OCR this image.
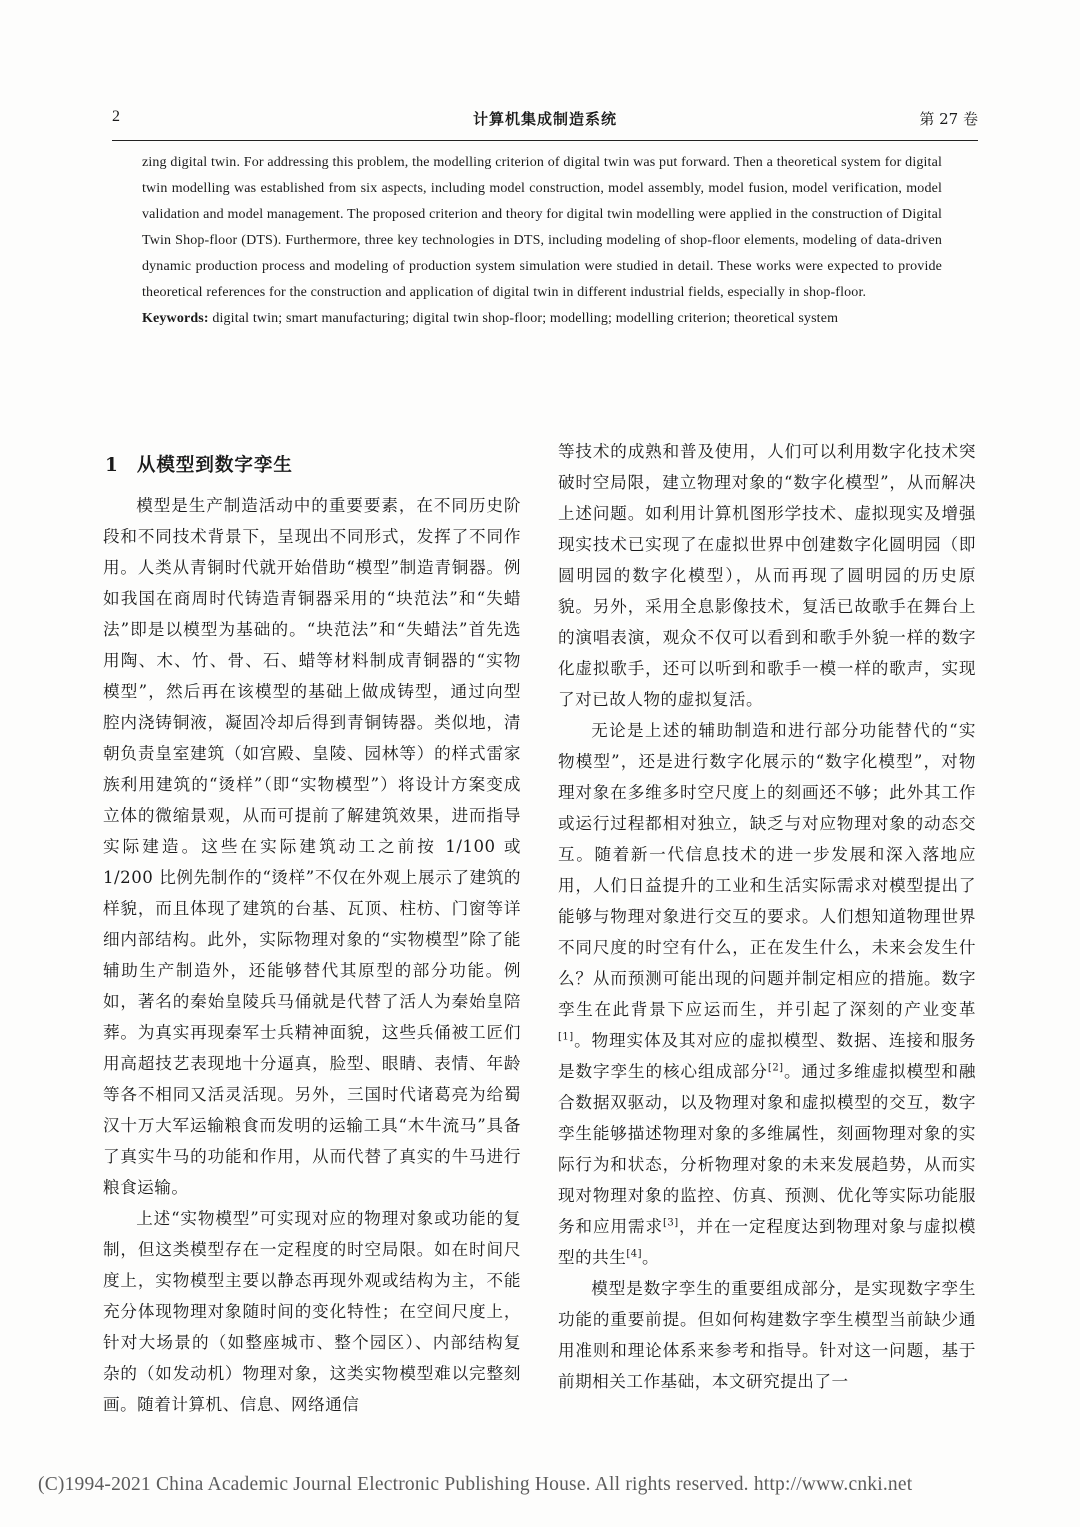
2	计算机集成制造系统	第 27 卷

zing digital twin. For addressing this problem, the modelling criterion of digital twin was put forward. Then a theoretical system for digital twin modelling was established from six aspects, including model construction, model assembly, model fusion, model verification, model validation and model management. The proposed criterion and theory for digital twin modelling were applied in the construction of Digital Twin Shop-floor (DTS). Furthermore, three key technologies in DTS, including modeling of shop-floor elements, modeling of data-driven dynamic production process and modeling of production system simulation were studied in detail. These works were expected to provide theoretical references for the construction and application of digital twin in different industrial fields, especially in shop-floor.

Keywords: digital twin; smart manufacturing; digital twin shop-floor; modelling; modelling criterion; theoretical system

1 从模型到数字孪生

模型是生产制造活动中的重要要素，在不同历史阶段和不同技术背景下，呈现出不同形式，发挥了不同作用。人类从青铜时代就开始借助“模型”制造青铜器。例如我国在商周时代铸造青铜器采用的“块范法”和“失蜡法”即是以模型为基础的。“块范法”和“失蜡法”首先选用陶、木、竹、骨、石、蜡等材料制成青铜器的“实物模型”，然后再在该模型的基础上做成铸型，通过向型腔内浇铸铜液，凝固冷却后得到青铜铸器。类似地，清朝负责皇室建筑（如宫殿、皇陵、园林等）的样式雷家族利用建筑的“烫样”（即“实物模型”）将设计方案变成立体的微缩景观，从而可提前了解建筑效果，进而指导实际建造。这些在实际建筑动工之前按 1/100 或 1/200 比例先制作的“烫样”不仅在外观上展示了建筑的样貌，而且体现了建筑的台基、瓦顶、柱枋、门窗等详细内部结构。此外，实际物理对象的“实物模型”除了能辅助生产制造外，还能够替代其原型的部分功能。例如，著名的秦始皇陵兵马俑就是代替了活人为秦始皇陪葬。为真实再现秦军士兵精神面貌，这些兵俑被工匠们用高超技艺表现地十分逼真，脸型、眼睛、表情、年龄等各不相同又活灵活现。另外，三国时代诸葛亮为给蜀汉十万大军运输粮食而发明的运输工具“木牛流马”具备了真实牛马的功能和作用，从而代替了真实的牛马进行粮食运输。

上述“实物模型”可实现对应的物理对象或功能的复制，但这类模型存在一定程度的时空局限。如在时间尺度上，实物模型主要以静态再现外观或结构为主，不能充分体现物理对象随时间的变化特性；在空间尺度上，针对大场景的（如整座城市、整个园区）、内部结构复杂的（如发动机）物理对象，这类实物模型难以完整刻画。随着计算机、信息、网络通信

等技术的成熟和普及使用，人们可以利用数字化技术突破时空局限，建立物理对象的“数字化模型”，从而解决上述问题。如利用计算机图形学技术、虚拟现实及增强现实技术已实现了在虚拟世界中创建数字化圆明园（即圆明园的数字化模型），从而再现了圆明园的历史原貌。另外，采用全息影像技术，复活已故歌手在舞台上的演唱表演，观众不仅可以看到和歌手外貌一样的数字化虚拟歌手，还可以听到和歌手一模一样的歌声，实现了对已故人物的虚拟复活。

无论是上述的辅助制造和进行部分功能替代的“实物模型”，还是进行数字化展示的“数字化模型”，对物理对象在多维多时空尺度上的刻画还不够；此外其工作或运行过程都相对独立，缺乏与对应物理对象的动态交互。随着新一代信息技术的进一步发展和深入落地应用，人们日益提升的工业和生活实际需求对模型提出了能够与物理对象进行交互的要求。人们想知道物理世界不同尺度的时空有什么，正在发生什么，未来会发生什么？从而预测可能出现的问题并制定相应的措施。数字孪生在此背景下应运而生，并引起了深刻的产业变革[1]。物理实体及其对应的虚拟模型、数据、连接和服务是数字孪生的核心组成部分[2]。通过多维虚拟模型和融合数据双驱动，以及物理对象和虚拟模型的交互，数字孪生能够描述物理对象的多维属性，刻画物理对象的实际行为和状态，分析物理对象的未来发展趋势，从而实现对物理对象的监控、仿真、预测、优化等实际功能服务和应用需求[3]，并在一定程度达到物理对象与虚拟模型的共生[4]。

模型是数字孪生的重要组成部分，是实现数字孪生功能的重要前提。但如何构建数字孪生模型当前缺少通用准则和理论体系来参考和指导。针对这一问题，基于前期相关工作基础，本文研究提出了一

(C)1994-2021 China Academic Journal Electronic Publishing House. All rights reserved. http://www.cnki.net
